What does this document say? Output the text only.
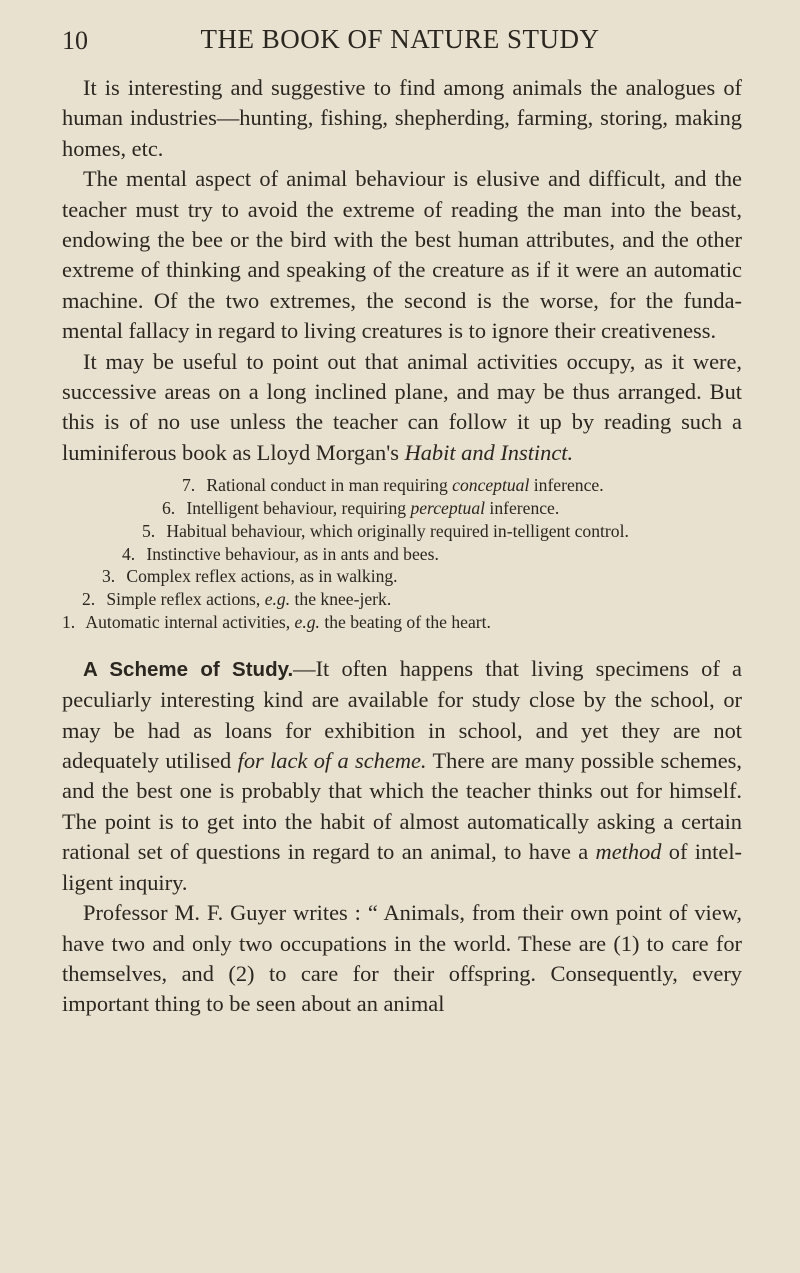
10	THE BOOK OF NATURE STUDY

It is interesting and suggestive to find among animals the analogues of human industries—hunting, fishing, shepherding, farming, storing, making homes, etc.

The mental aspect of animal behaviour is elusive and difficult, and the teacher must try to avoid the extreme of reading the man into the beast, endowing the bee or the bird with the best human attributes, and the other extreme of thinking and speaking of the creature as if it were an automatic machine. Of the two extremes, the second is the worse, for the funda-mental fallacy in regard to living creatures is to ignore their creativeness.

It may be useful to point out that animal activities occupy, as it were, successive areas on a long inclined plane, and may be thus arranged. But this is of no use unless the teacher can follow it up by reading such a luminiferous book as Lloyd Morgan's Habit and Instinct.

7. Rational conduct in man requiring conceptual inference.
6. Intelligent behaviour, requiring perceptual inference.
5. Habitual behaviour, which originally required in-telligent control.
4. Instinctive behaviour, as in ants and bees.
3. Complex reflex actions, as in walking.
2. Simple reflex actions, e.g. the knee-jerk.
1. Automatic internal activities, e.g. the beating of the heart.

A Scheme of Study.—It often happens that living specimens of a peculiarly interesting kind are available for study close by the school, or may be had as loans for exhibition in school, and yet they are not adequately utilised for lack of a scheme. There are many possible schemes, and the best one is probably that which the teacher thinks out for himself. The point is to get into the habit of almost automatically asking a certain rational set of questions in regard to an animal, to have a method of intel-ligent inquiry.

Professor M. F. Guyer writes : “ Animals, from their own point of view, have two and only two occupations in the world. These are (1) to care for themselves, and (2) to care for their offspring. Consequently, every important thing to be seen about an animal
